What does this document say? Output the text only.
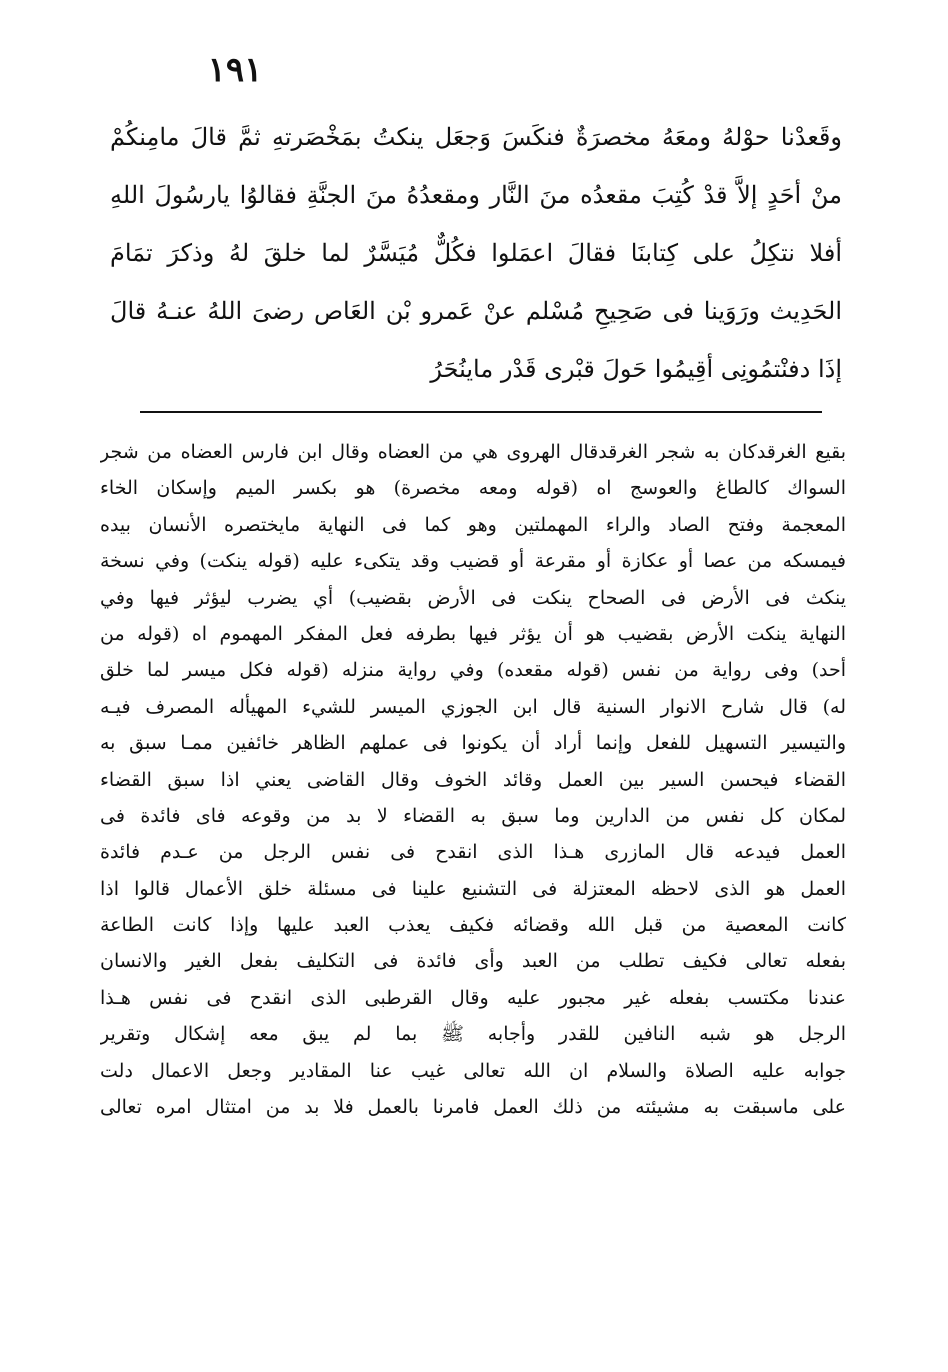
١٩١
وقَعدْنا حوْلهُ ومعَهُ مخصرَةٌ فنكَسَ وَجعَل ينكتُ بمَخْصَرتهِ ثمَّ قالَ مامِنكُمْ
منْ أحَدٍ إلاَّ قدْ كُتِبَ مقعدُه منَ النَّار ومقعدُهُ منَ الجنَّةِ فقالوُا يارسُولَ اللهِ
أفلا نتكِلُ على كِتابنَا فقالَ اعمَلوا فكُلٌّ مُيَسَّرٌ لما خلقَ لهُ وذكرَ تمَامَ
الحَدِيث ورَوَينا فى صَحِيحِ مُسْلم عنْ عَمرو بْن العَاص رضىَ اللهُ عنـهُ قالَ
إذَا دفنْتمُونِى أقِيمُوا حَولَ قبْرى قَدْر ماينُحَرُ
بقيع الغرقدكان به شجر الغرقدقال الهروى هي من العضاه وقال ابن فارس العضاه من شجر
السواك كالطاغ والعوسج اه (قوله ومعه مخصرة) هو بكسر الميم وإسكان الخاء
المعجمة وفتح الصاد والراء المهملتين وهو كما فى النهاية مايختصره الأنسان بيده
فيمسكه من عصا أو عكازة أو مقرعة أو قضيب وقد يتكىء عليه (قوله ينكت) وفي نسخة
ينكث فى الأرض فى الصحاح ينكت فى الأرض بقضيب) أي يضرب ليؤثر فيها وفي
النهاية ينكت الأرض بقضيب هو أن يؤثر فيها بطرفه فعل المفكر المهموم اه (قوله من
أحد) وفى رواية من نفس (قوله مقعده) وفي رواية منزله (قوله فكل ميسر لما خلق
له) قال شارح الانوار السنية قال ابن الجوزي الميسر للشيء المهيأله المصرف فيـه
والتيسير التسهيل للفعل وإنما أراد أن يكونوا فى عملهم الظاهر خائفين ممـا سبق به
القضاء فيحسن السير بين العمل وقائد الخوف وقال القاضى يعني اذا سبق القضاء
لمكان كل نفس من الدارين وما سبق به القضاء لا بد من وقوعه فاى فائدة فى
العمل فيدعه قال المازرى هـذا الذى انقدح فى نفس الرجل من عـدم فائدة
العمل هو الذى لاحظه المعتزلة فى التشنيع علينا فى مسئلة خلق الأعمال قالوا اذا
كانت المعصية من قبل الله وقضائه فكيف يعذب العبد عليها وإذا كانت الطاعة
بفعله تعالى فكيف تطلب من العبد وأى فائدة فى التكليف بفعل الغير والانسان
عندنا مكتسب بفعله غير مجبور عليه وقال القرطبى الذى انقدح فى نفس هـذا
الرجل هو شبه النافين للقدر وأجابه ﷺ بما لم يبق معه إشكال وتقرير
جوابه عليه الصلاة والسلام ان الله تعالى غيب عنا المقادير وجعل الاعمال دلت
على ماسبقت به مشيئته من ذلك العمل فامرنا بالعمل فلا بد من امتثال امره تعالى
